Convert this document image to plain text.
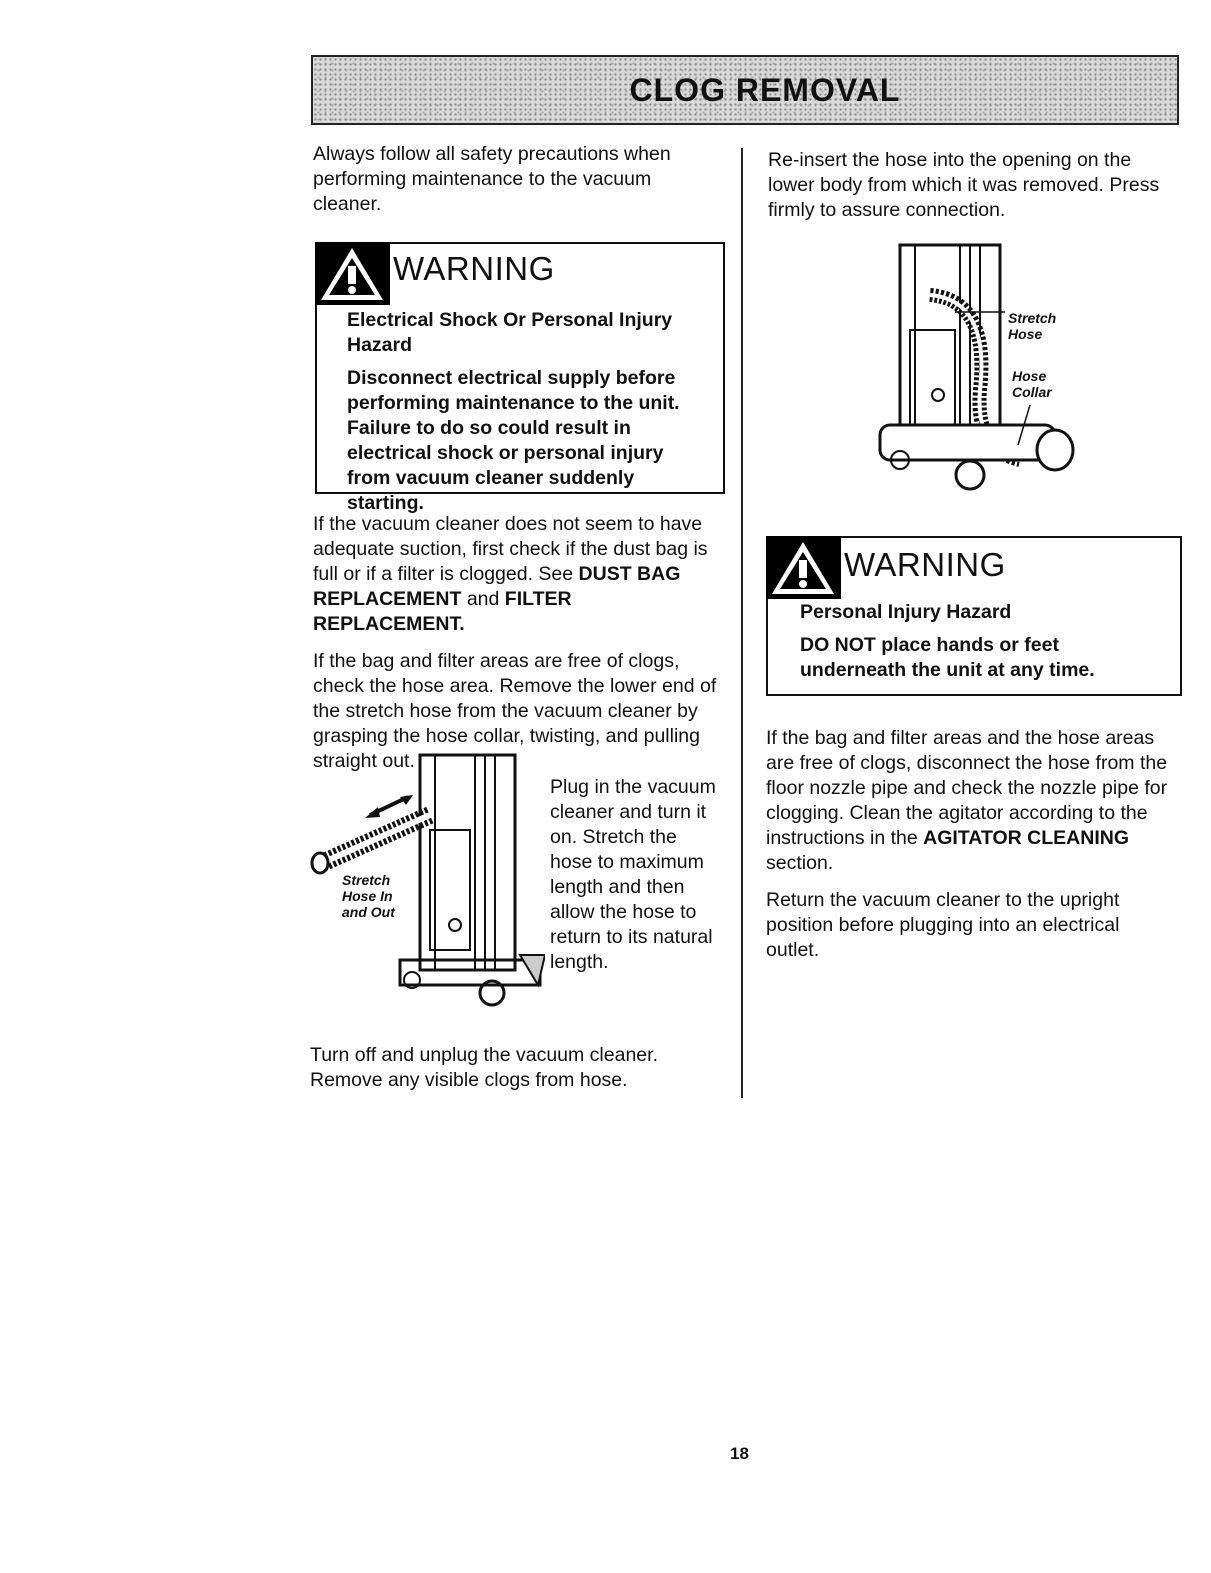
CLOG REMOVAL

Always follow all safety precautions when performing maintenance to the vacuum cleaner.

WARNING

Electrical Shock Or Personal Injury Hazard

Disconnect electrical supply before performing maintenance to the unit. Failure to do so could result in electrical shock or personal injury from vacuum cleaner suddenly starting.

If the vacuum cleaner does not seem to have adequate suction, first check if the dust bag is full or if a filter is clogged. See DUST BAG REPLACEMENT and FILTER REPLACEMENT.

If the bag and filter areas are free of clogs, check the hose area. Remove the lower end of the stretch hose from the vacuum cleaner by grasping the hose collar, twisting, and pulling straight out.

Stretch Hose In and Out

Plug in the vacuum cleaner and turn it on. Stretch the hose to maximum length and then allow the hose to return to its natural length.

Turn off and unplug the vacuum cleaner. Remove any visible clogs from hose.

Re-insert the hose into the opening on the lower body from which it was removed. Press firmly to assure connection.

Stretch Hose
Hose Collar
WARNING

Personal Injury Hazard

DO NOT place hands or feet underneath the unit at any time.

If the bag and filter areas and the hose areas are free of clogs, disconnect the hose from the floor nozzle pipe and check the nozzle pipe for clogging. Clean the agitator according to the instructions in the AGITATOR CLEANING section.

Return the vacuum cleaner to the upright position before plugging into an electrical outlet.

18
